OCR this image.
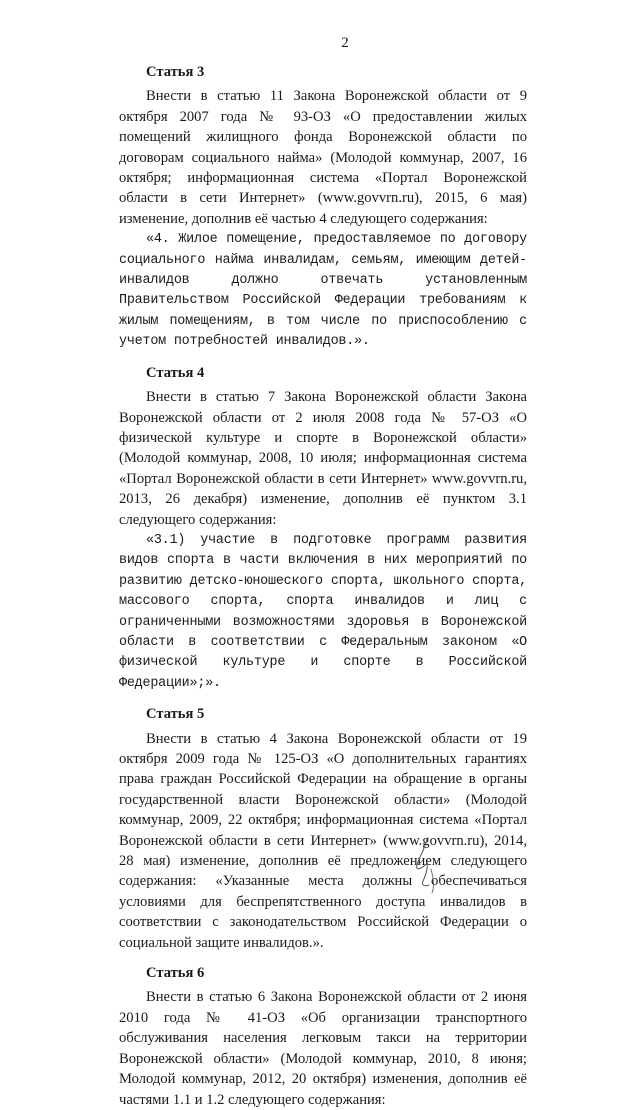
2
Статья 3

Внести в статью 11 Закона Воронежской области от 9 октября 2007 года № 93-ОЗ «О предоставлении жилых помещений жилищного фонда Воронежской области по договорам социального найма» (Молодой коммунар, 2007, 16 октября; информационная система «Портал Воронежской области в сети Интернет» (www.govvrn.ru), 2015, 6 мая) изменение, дополнив её частью 4 следующего содержания:

«4. Жилое помещение, предоставляемое по договору социального найма инвалидам, семьям, имеющим детей-инвалидов должно отвечать установленным Правительством Российской Федерации требованиям к жилым помещениям, в том числе по приспособлению с учетом потребностей инвалидов.».

Статья 4

Внести в статью 7 Закона Воронежской области Закона Воронежской области от 2 июля 2008 года № 57-ОЗ «О физической культуре и спорте в Воронежской области» (Молодой коммунар, 2008, 10 июля; информационная система «Портал Воронежской области в сети Интернет» www.govvrn.ru, 2013, 26 декабря) изменение, дополнив её пунктом 3.1 следующего содержания:

«3.1) участие в подготовке программ развития видов спорта в части включения в них мероприятий по развитию детско-юношеского спорта, школьного спорта, массового спорта, спорта инвалидов и лиц с ограниченными возможностями здоровья в Воронежской области в соответствии с Федеральным законом «О физической культуре и спорте в Российской Федерации»;».

Статья 5

Внести в статью 4 Закона Воронежской области от 19 октября 2009 года № 125-ОЗ «О дополнительных гарантиях права граждан Российской Федерации на обращение в органы государственной власти Воронежской области» (Молодой коммунар, 2009, 22 октября; информационная система «Портал Воронежской области в сети Интернет» (www.govvrn.ru), 2014, 28 мая) изменение, дополнив её предложением следующего содержания: «Указанные места должны обеспечиваться условиями для беспрепятственного доступа инвалидов в соответствии с законодательством Российской Федерации о социальной защите инвалидов.».

Статья 6

Внести в статью 6 Закона Воронежской области от 2 июня 2010 года № 41-ОЗ «Об организации транспортного обслуживания населения легковым такси на территории Воронежской области» (Молодой коммунар, 2010, 8 июня; Молодой коммунар, 2012, 20 октября) изменения, дополнив её частями 1.1 и 1.2 следующего содержания:
